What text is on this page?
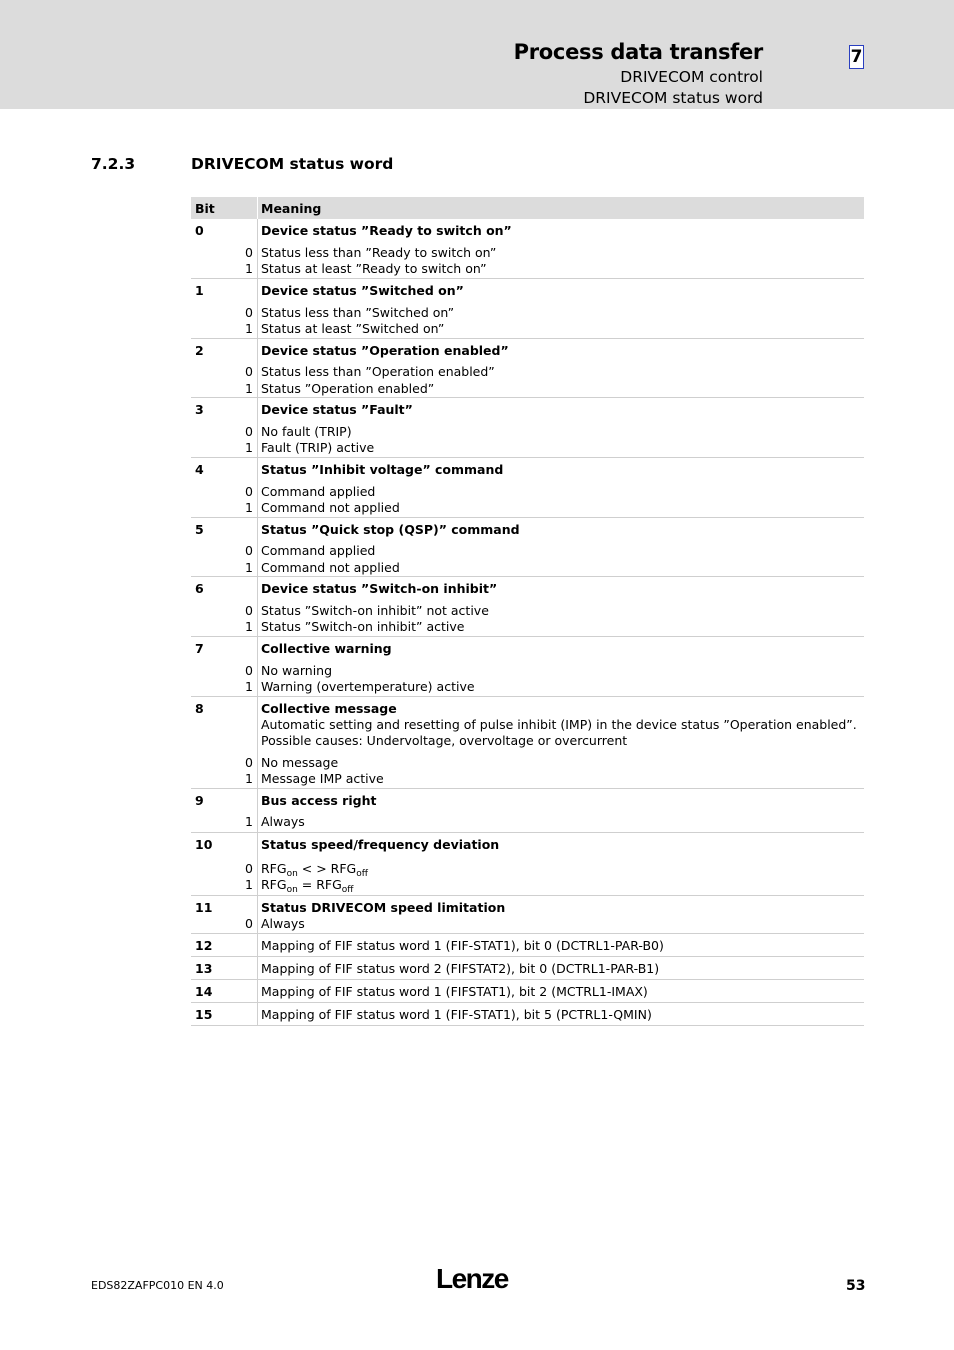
Process data transfer	7
DRIVECOM control
DRIVECOM status word
7.2.3	DRIVECOM status word
Bit	Meaning
0	Device status ”Ready to switch on”
0 Status less than ”Ready to switch on”
1 Status at least ”Ready to switch on”
1	Device status ”Switched on”
0 Status less than ”Switched on”
1 Status at least ”Switched on”
2	Device status ”Operation enabled”
0 Status less than ”Operation enabled”
1 Status ”Operation enabled”
3	Device status ”Fault”
0 No fault (TRIP)
1 Fault (TRIP) active
4	Status ”Inhibit voltage” command
0 Command applied
1 Command not applied
5	Status ”Quick stop (QSP)” command
0 Command applied
1 Command not applied
6	Device status ”Switch-on inhibit”
0 Status ”Switch-on inhibit” not active
1 Status ”Switch-on inhibit” active
7	Collective warning
0 No warning
1 Warning (overtemperature) active
8	Collective message
Automatic setting and resetting of pulse inhibit (IMP) in the device status ”Operation enabled”.
Possible causes: Undervoltage, overvoltage or overcurrent
0 No message
1 Message IMP active
9	Bus access right
1 Always
10	Status speed/frequency deviation
0 $RFG_{on}$ < > $RFG_{off}$
1 $RFG_{on} = RFG_{off}$
11	Status DRIVECOM speed limitation
0 Always
12	Mapping of FIF status word 1 (FIF-STAT1), bit 0 (DCTRL1-PAR-B0)
13	Mapping of FIF status word 2 (FIFSTAT2), bit 0 (DCTRL1-PAR-B1)
14	Mapping of FIF status word 1 (FIFSTAT1), bit 2 (MCTRL1-IMAX)
15	Mapping of FIF status word 1 (FIF-STAT1), bit 5 (PCTRL1-QMIN)
EDS82ZAFPC010 EN 4.0	Lenze	53
